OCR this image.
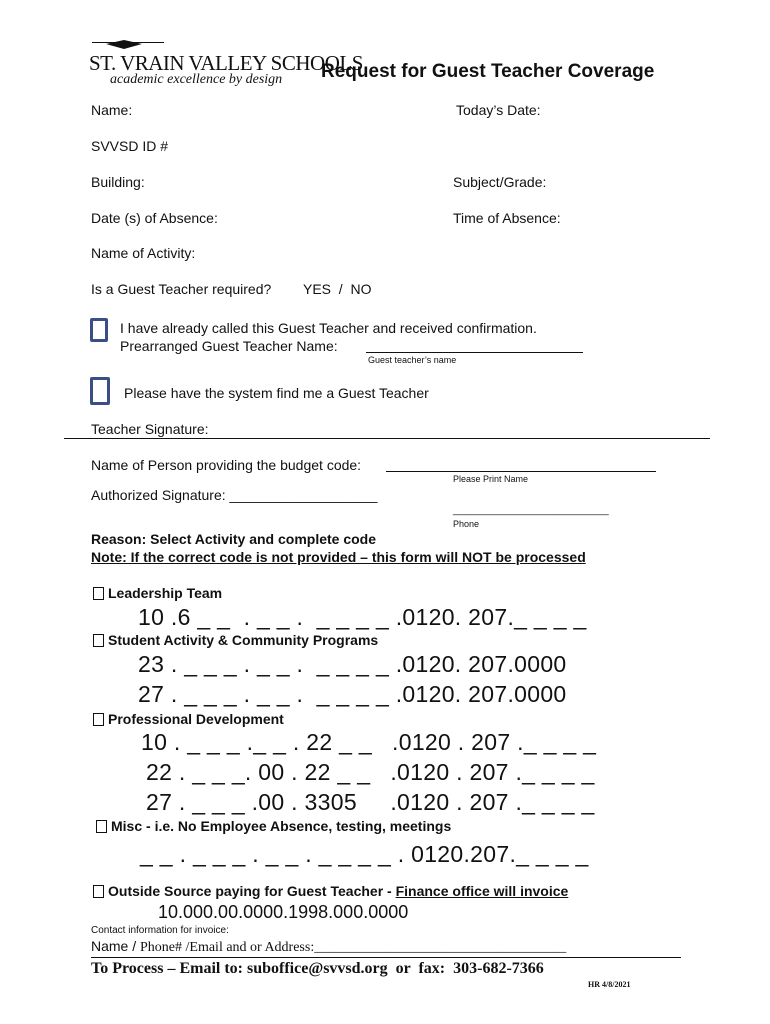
ST. VRAIN VALLEY SCHOOLS
academic excellence by design Request for Guest Teacher Coverage
Name:	Today’s Date:
SVVSD ID #
Building:	Subject/Grade:
Date (s) of Absence:	Time of Absence:
Name of Activity:
Is a Guest Teacher required? YES  /  NO
I have already called this Guest Teacher and received confirmation.
Prearranged Guest Teacher Name:
Guest teacher’s name
Please have the system find me a Guest Teacher
Teacher Signature:
Name of Person providing the budget code:
Please Print Name
Authorized Signature: ___________________
____________________________
Phone
Reason: Select Activity and complete code
Note: If the correct code is not provided – this form will NOT be processed
Leadership Team
10 .6 _ _  . _ _ .  _ _ _ _ .0120. 207._ _ _ _
Student Activity & Community Programs
23 . _ _ _ . _ _ .  _ _ _ _ .0120. 207.0000
27 . _ _ _ . _ _ .  _ _ _ _ .0120. 207.0000
Professional Development
10 . _ _ _ ._ _ . 22 _ _   .0120 . 207 ._ _ _ _
22 . _ _ _. 00 . 22 _ _   .0120 . 207 ._ _ _ _
27 . _ _ _ .00 . 3305     .0120 . 207 ._ _ _ _
Misc - i.e. No Employee Absence, testing, meetings
_ _ . _ _ _ . _ _ . _ _ _ _ . 0120.207._ _ _ _
Outside Source paying for Guest Teacher - Finance office will invoice
10.000.00.0000.1998.000.0000
Contact information for invoice:
Name / Phone# /Email and or Address:____________________________________
To Process – Email to: suboffice@svvsd.org  or  fax:  303-682-7366
HR 4/8/2021
